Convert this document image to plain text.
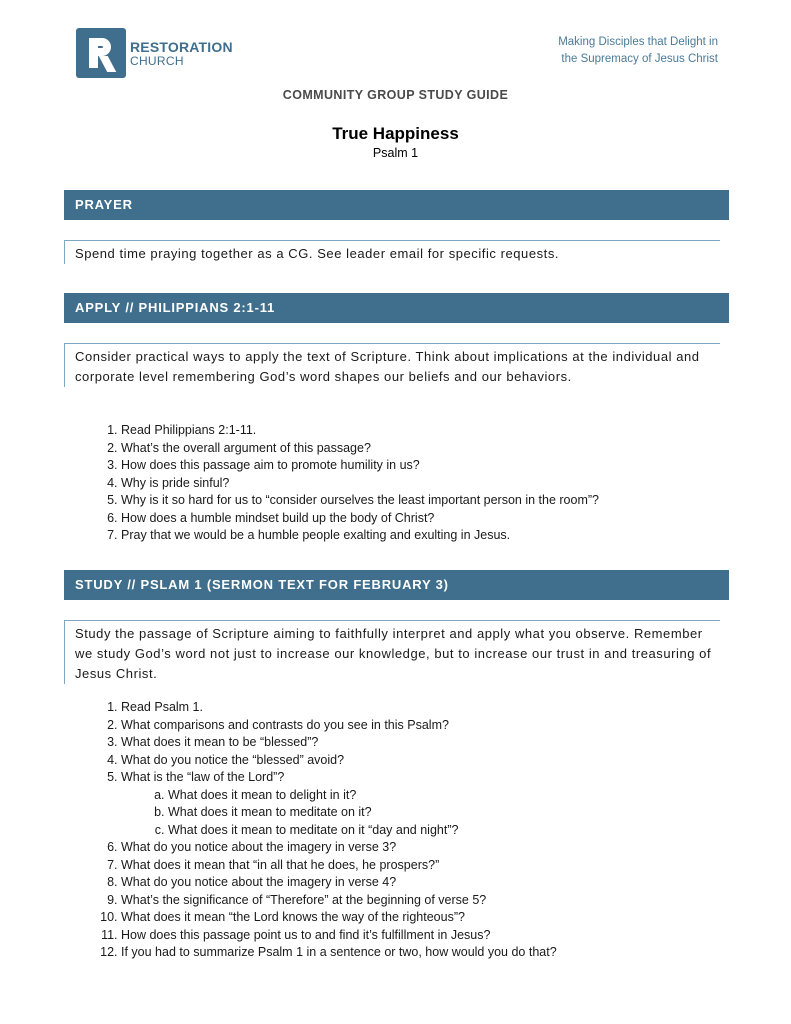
RESTORATION
CHURCH
Making Disciples that Delight in
the Supremacy of Jesus Christ
COMMUNITY GROUP STUDY GUIDE
True Happiness
Psalm 1
PRAYER
Spend time praying together as a CG. See leader email for specific requests.
APPLY // PHILIPPIANS 2:1-11
Consider practical ways to apply the text of Scripture. Think about implications at the individual and corporate level remembering God’s word shapes our beliefs and our behaviors.
1. Read Philippians 2:1-11.
2. What’s the overall argument of this passage?
3. How does this passage aim to promote humility in us?
4. Why is pride sinful?
5. Why is it so hard for us to “consider ourselves the least important person in the room”?
6. How does a humble mindset build up the body of Christ?
7. Pray that we would be a humble people exalting and exulting in Jesus.
STUDY // PSLAM 1 (SERMON TEXT FOR FEBRUARY 3)
Study the passage of Scripture aiming to faithfully interpret and apply what you observe. Remember we study God’s word not just to increase our knowledge, but to increase our trust in and treasuring of Jesus Christ.
1. Read Psalm 1.
2. What comparisons and contrasts do you see in this Psalm?
3. What does it mean to be “blessed”?
4. What do you notice the “blessed” avoid?
5. What is the “law of the Lord”?
a. What does it mean to delight in it?
b. What does it mean to meditate on it?
c. What does it mean to meditate on it “day and night”?
6. What do you notice about the imagery in verse 3?
7. What does it mean that “in all that he does, he prospers?”
8. What do you notice about the imagery in verse 4?
9. What’s the significance of “Therefore” at the beginning of verse 5?
10. What does it mean “the Lord knows the way of the righteous”?
11. How does this passage point us to and find it’s fulfillment in Jesus?
12. If you had to summarize Psalm 1 in a sentence or two, how would you do that?
